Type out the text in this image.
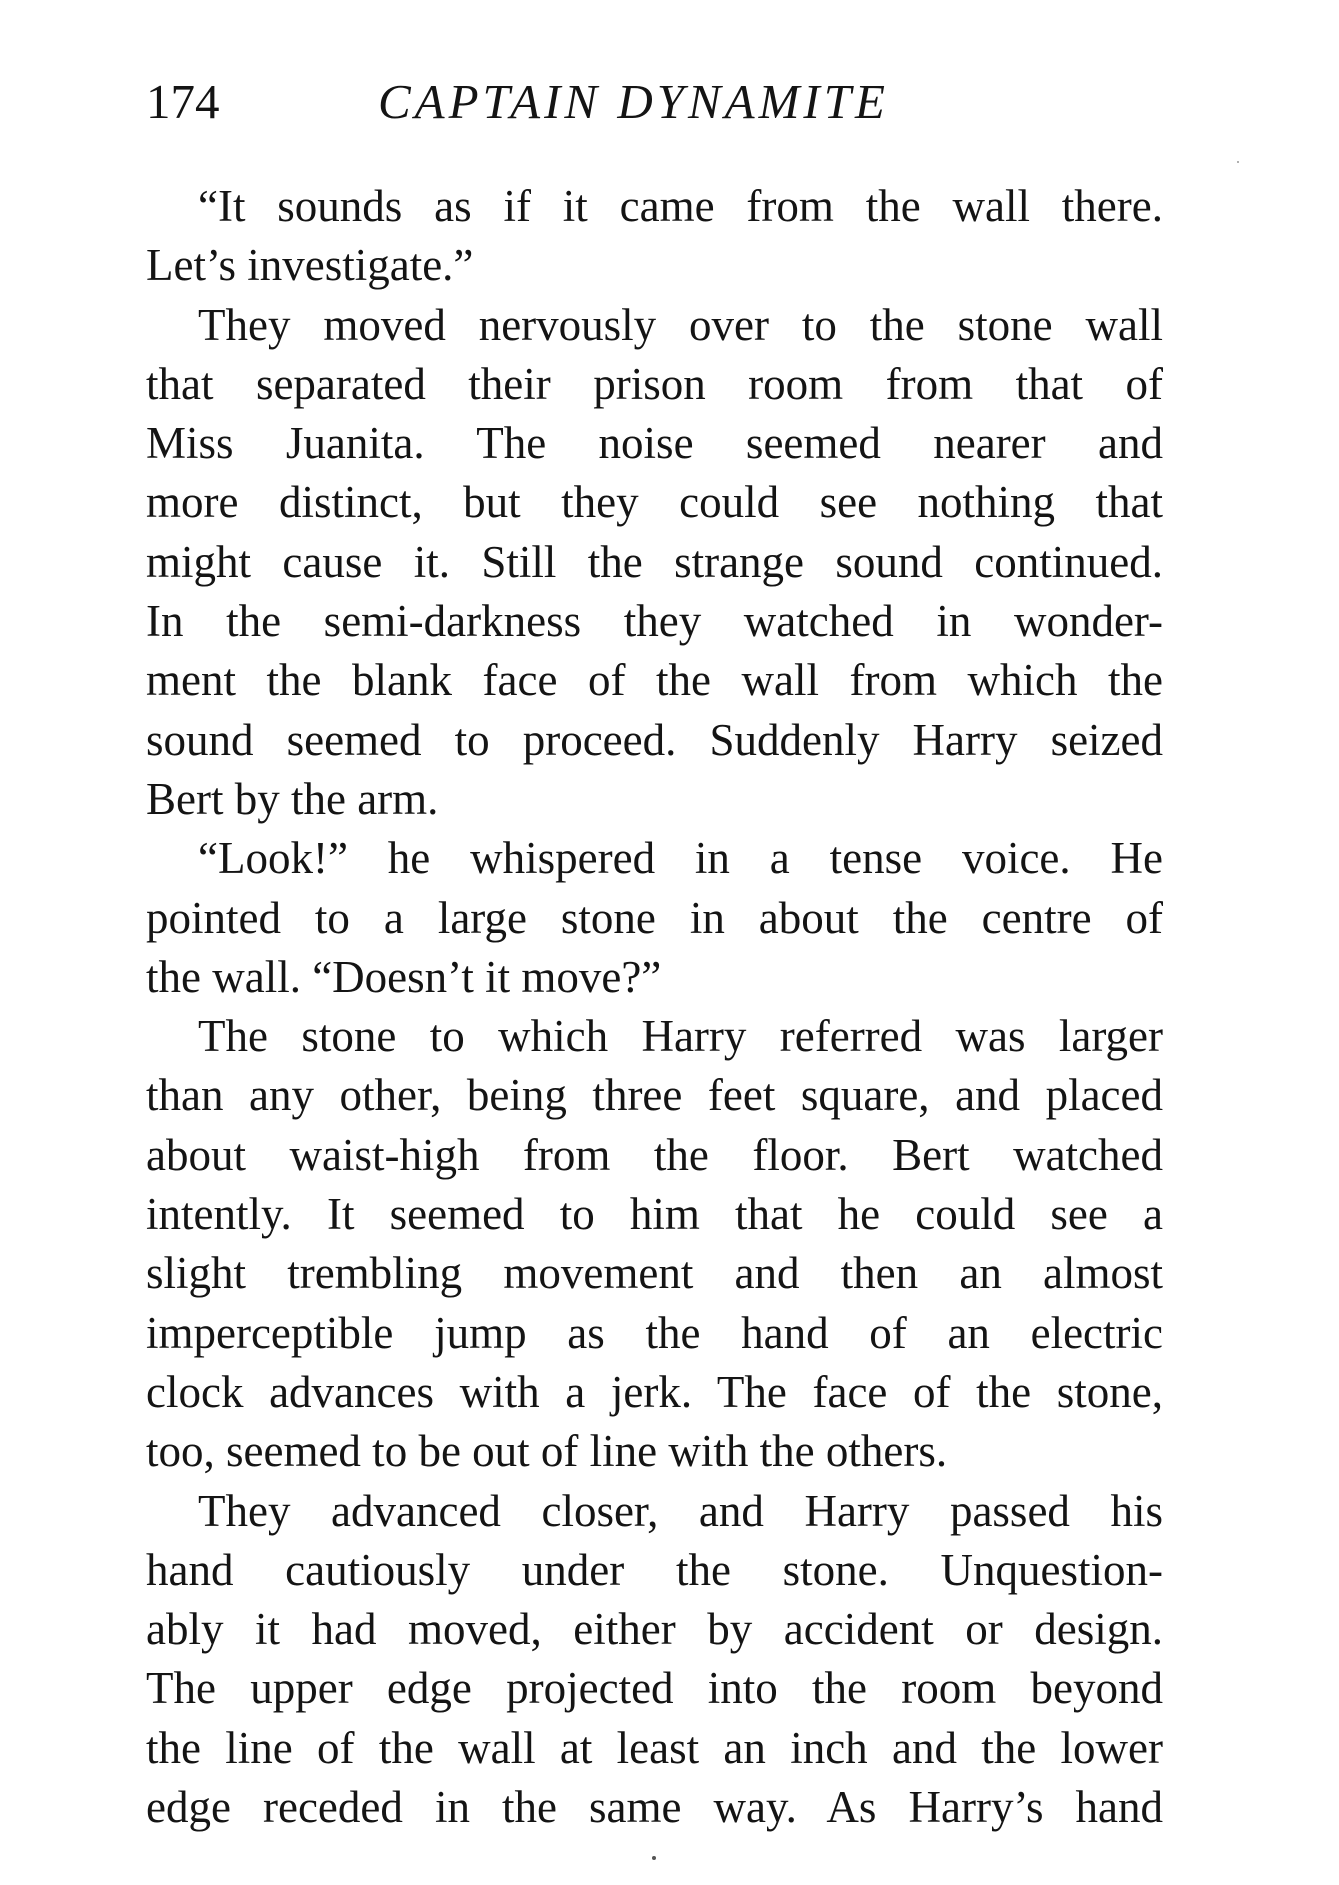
174	CAPTAIN DYNAMITE
“It sounds as if it came from the wall there.
Let’s investigate.”
They moved nervously over to the stone wall
that separated their prison room from that of
Miss Juanita. The noise seemed nearer and
more distinct, but they could see nothing that
might cause it. Still the strange sound continued.
In the semi-darkness they watched in wonder-
ment the blank face of the wall from which the
sound seemed to proceed. Suddenly Harry seized
Bert by the arm.
“Look!” he whispered in a tense voice. He
pointed to a large stone in about the centre of
the wall. “Doesn’t it move?”
The stone to which Harry referred was larger
than any other, being three feet square, and placed
about waist-high from the floor. Bert watched
intently. It seemed to him that he could see a
slight trembling movement and then an almost
imperceptible jump as the hand of an electric
clock advances with a jerk. The face of the stone,
too, seemed to be out of line with the others.
They advanced closer, and Harry passed his
hand cautiously under the stone. Unquestion-
ably it had moved, either by accident or design.
The upper edge projected into the room beyond
the line of the wall at least an inch and the lower
edge receded in the same way. As Harry’s hand
